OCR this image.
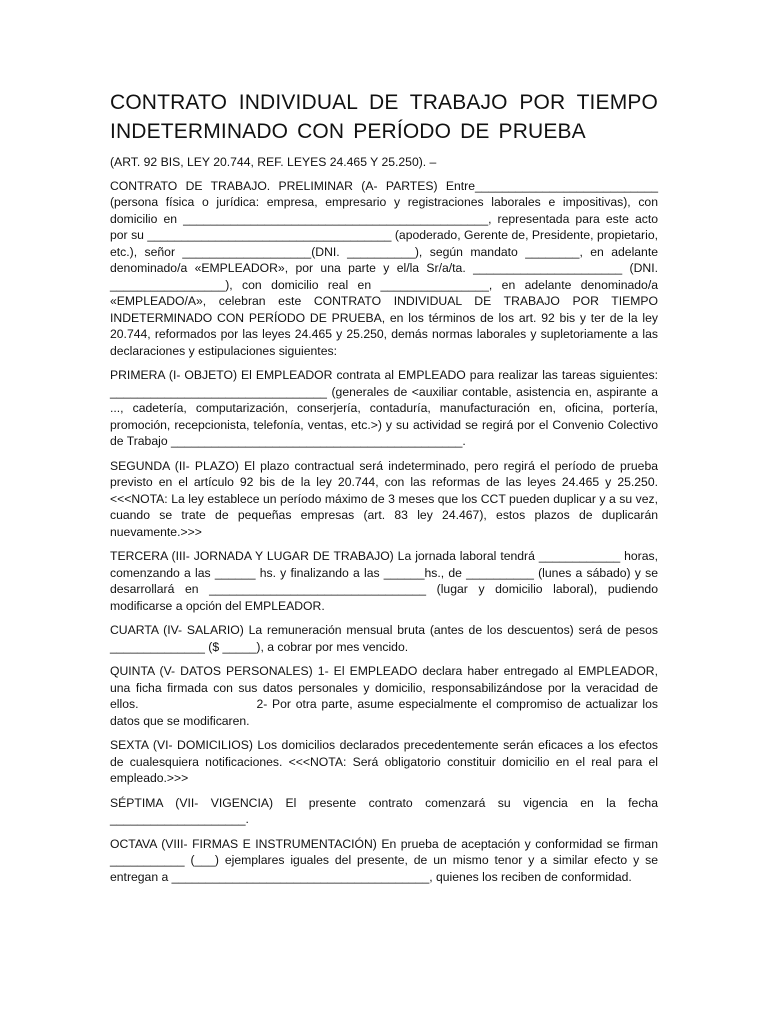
CONTRATO INDIVIDUAL DE TRABAJO POR TIEMPO INDETERMINADO CON PERÍODO DE PRUEBA

(ART. 92 BIS, LEY 20.744, REF. LEYES 24.465 Y 25.250). –

CONTRATO DE TRABAJO. PRELIMINAR (A- PARTES) Entre___________________________ (persona física o jurídica: empresa, empresario y registraciones laborales e impositivas), con domicilio en _____________________________________________, representada para este acto por su ____________________________________ (apoderado, Gerente de, Presidente, propietario, etc.), señor ___________________(DNI. __________), según mandato ________, en adelante denominado/a «EMPLEADOR», por una parte y el/la Sr/a/ta. ______________________ (DNI. _________________), con domicilio real en ________________, en adelante denominado/a «EMPLEADO/A», celebran este CONTRATO INDIVIDUAL DE TRABAJO POR TIEMPO INDETERMINADO CON PERÍODO DE PRUEBA, en los términos de los art. 92 bis y ter de la ley 20.744, reformados por las leyes 24.465 y 25.250, demás normas laborales y supletoriamente a las declaraciones y estipulaciones siguientes:

PRIMERA (I- OBJETO) El EMPLEADOR contrata al EMPLEADO para realizar las tareas siguientes: ________________________________ (generales de <auxiliar contable, asistencia en, aspirante a ..., cadetería, computarización, conserjería, contaduría, manufacturación en, oficina, portería, promoción, recepcionista, telefonía, ventas, etc.>) y su actividad se regirá por el Convenio Colectivo de Trabajo ___________________________________________.

SEGUNDA (II- PLAZO) El plazo contractual será indeterminado, pero regirá el período de prueba previsto en el artículo 92 bis de la ley 20.744, con las reformas de las leyes 24.465 y 25.250. <<<NOTA: La ley establece un período máximo de 3 meses que los CCT pueden duplicar y a su vez, cuando se trate de pequeñas empresas (art. 83 ley 24.467), estos plazos de duplicarán nuevamente.>>>

TERCERA (III- JORNADA Y LUGAR DE TRABAJO) La jornada laboral tendrá ____________ horas, comenzando a las ______ hs. y finalizando a las ______hs., de __________ (lunes a sábado) y se desarrollará en ________________________________ (lugar y domicilio laboral), pudiendo modificarse a opción del EMPLEADOR.

CUARTA (IV- SALARIO) La remuneración mensual bruta (antes de los descuentos) será de pesos ______________ ($ _____), a cobrar por mes vencido.

QUINTA (V- DATOS PERSONALES) 1- El EMPLEADO declara haber entregado al EMPLEADOR, una ficha firmada con sus datos personales y domicilio, responsabilizándose por la veracidad de ellos.	2- Por otra parte, asume especialmente el compromiso de actualizar los datos que se modificaren.

SEXTA (VI- DOMICILIOS) Los domicilios declarados precedentemente serán eficaces a los efectos de cualesquiera notificaciones. <<<NOTA: Será obligatorio constituir domicilio en el real para el empleado.>>>

SÉPTIMA (VII- VIGENCIA) El presente contrato comenzará su vigencia en la fecha ____________________.

OCTAVA (VIII- FIRMAS E INSTRUMENTACIÓN) En prueba de aceptación y conformidad se firman ___________ (___) ejemplares iguales del presente, de un mismo tenor y a similar efecto y se entregan a ______________________________________, quienes los reciben de conformidad.
